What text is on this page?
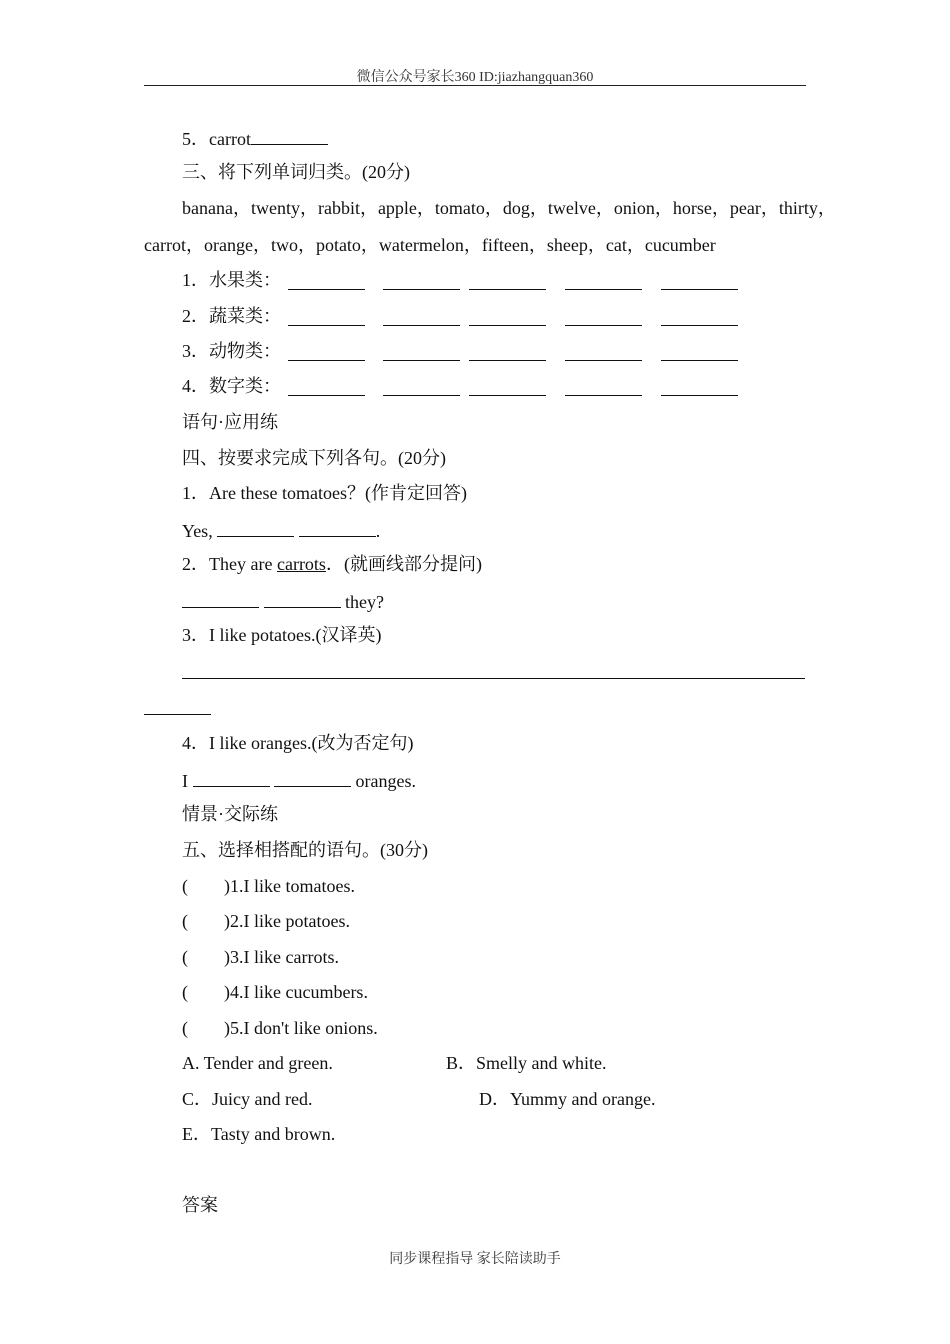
微信公众号家长360 ID:jiazhangquan360
5．carrot
三、将下列单词归类。(20分)
banana，twenty，rabbit，apple，tomato，dog，twelve，onion，horse，pear，thirty，
carrot，orange，two，potato，watermelon，fifteen，sheep，cat，cucumber
1．水果类：
2．蔬菜类：
3．动物类：
4．数字类：
语句·应用练
四、按要求完成下列各句。(20分)
1．Are these tomatoes？(作肯定回答)
Yes,	.
2．They are carrots．(就画线部分提问)
they?
3．I like potatoes.(汉译英)
4．I like oranges.(改为否定句)
I	oranges.
情景·交际练
五、选择相搭配的语句。(30分)
(　　)1.I like tomatoes.
(　　)2.I like potatoes.
(　　)3.I like carrots.
(　　)4.I like cucumbers.
(　　)5.I don't like onions.
A. Tender and green.	B．Smelly and white.
C．Juicy and red.	D．Yummy and orange.
E．Tasty and brown.
答案
同步课程指导 家长陪读助手
